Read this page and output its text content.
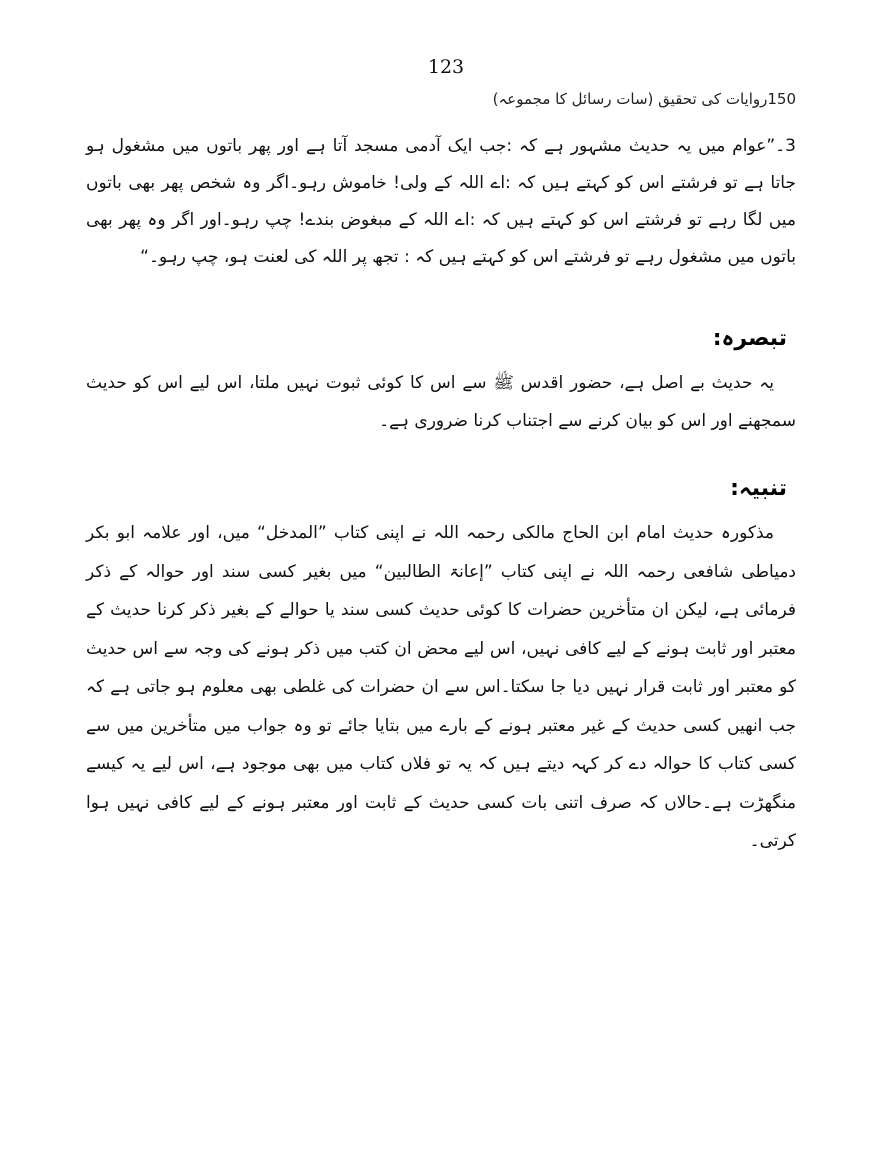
123
150روایات کی تحقیق (سات رسائل کا مجموعہ)

3۔”عوام میں یہ حدیث مشہور ہے کہ :جب ایک آدمی مسجد آتا ہے اور پھر باتوں میں مشغول ہو جاتا ہے تو فرشتے اس کو کہتے ہیں کہ :اے اللہ کے ولی! خاموش رہو۔اگر وہ شخص پھر بھی باتوں میں لگا رہے تو فرشتے اس کو کہتے ہیں کہ :اے اللہ کے مبغوض بندے! چپ رہو۔اور اگر وہ پھر بھی باتوں میں مشغول رہے تو فرشتے اس کو کہتے ہیں کہ : تجھ پر اللہ کی لعنت ہو، چپ رہو۔“

تبصرہ:

یہ حدیث بے اصل ہے، حضور اقدس ﷺ سے اس کا کوئی ثبوت نہیں ملتا، اس لیے اس کو حدیث سمجھنے اور اس کو بیان کرنے سے اجتناب کرنا ضروری ہے۔

تنبیہ:

مذکورہ حدیث امام ابن الحاج مالکی رحمہ اللہ نے اپنی کتاب ”المدخل“ میں، اور علامہ ابو بکر دمیاطی شافعی رحمہ اللہ نے اپنی کتاب ”إعانۃ الطالبین“ میں بغیر کسی سند اور حوالہ کے ذکر فرمائی ہے، لیکن ان متأخرین حضرات کا کوئی حدیث کسی سند یا حوالے کے بغیر ذکر کرنا حدیث کے معتبر اور ثابت ہونے کے لیے کافی نہیں، اس لیے محض ان کتب میں ذکر ہونے کی وجہ سے اس حدیث کو معتبر اور ثابت قرار نہیں دیا جا سکتا۔اس سے ان حضرات کی غلطی بھی معلوم ہو جاتی ہے کہ جب انھیں کسی حدیث کے غیر معتبر ہونے کے بارے میں بتایا جائے تو وہ جواب میں متأخرین میں سے کسی کتاب کا حوالہ دے کر کہہ دیتے ہیں کہ یہ تو فلاں کتاب میں بھی موجود ہے، اس لیے یہ کیسے منگھڑت ہے۔حالاں کہ صرف اتنی بات کسی حدیث کے ثابت اور معتبر ہونے کے لیے کافی نہیں ہوا کرتی۔
